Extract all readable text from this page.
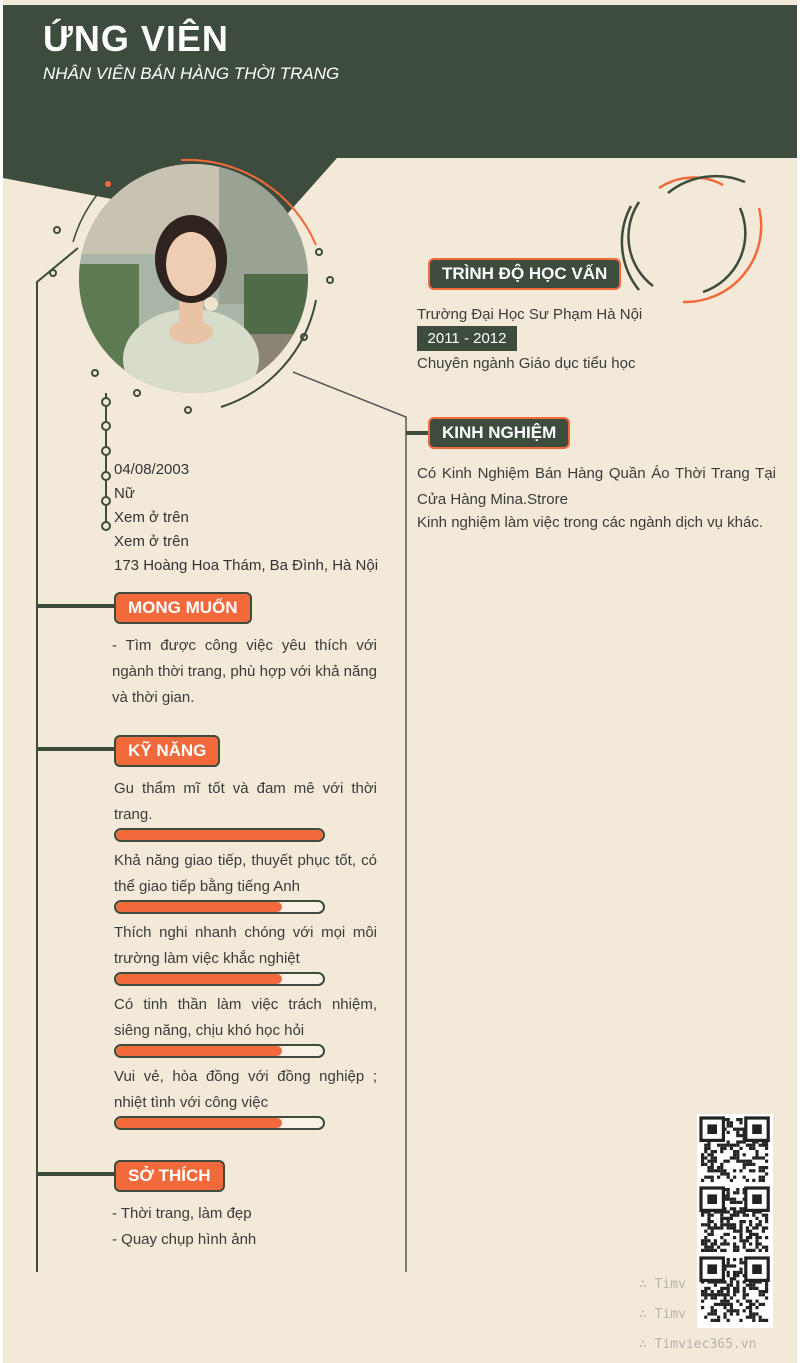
ỨNG VIÊN
NHÂN VIÊN BÁN HÀNG THỜI TRANG
04/08/2003
Nữ
Xem ở trên
Xem ở trên
173 Hoàng Hoa Thám, Ba Đình, Hà Nội
MONG MUỐN
- Tìm được công việc yêu thích với ngành thời trang, phù hợp với khả năng và thời gian.
KỸ NĂNG
Gu thẩm mĩ tốt và đam mê với thời trang.
Khả năng giao tiếp, thuyết phục tốt, có thể giao tiếp bằng tiếng Anh
Thích nghi nhanh chóng với mọi môi trường làm việc khắc nghiệt
Có tinh thần làm việc trách nhiệm, siêng năng, chịu khó học hỏi
Vui vẻ, hòa đồng với đồng nghiệp ; nhiệt tình với công việc
SỞ THÍCH
- Thời trang, làm đẹp
- Quay chụp hình ảnh
TRÌNH ĐỘ HỌC VẤN
Trường Đại Học Sư Phạm Hà Nội
2011 - 2012
Chuyên ngành Giáo dục tiểu học
KINH NGHIỆM
Có Kinh Nghiệm Bán Hàng Quần Áo Thời Trang Tại Cửa Hàng Mina.Strore
Kinh nghiệm làm việc trong các ngành dịch vụ khác.
∴ Timv
∴ Timv
∴ Timviec365.vn
